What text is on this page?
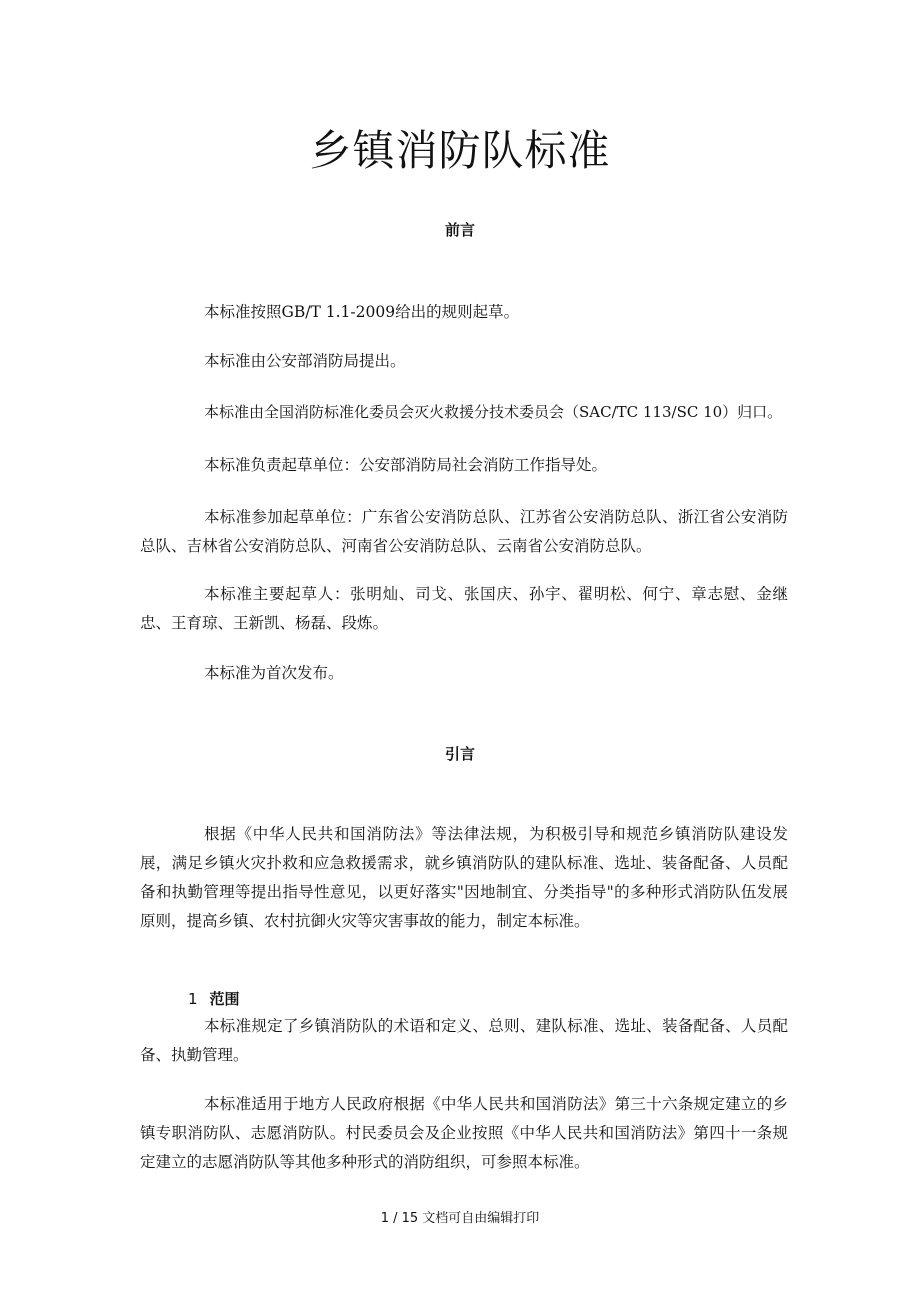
乡镇消防队标准
前言
本标准按照GB/T 1.1-2009给出的规则起草。
本标准由公安部消防局提出。
本标准由全国消防标准化委员会灭火救援分技术委员会（SAC/TC 113/SC 10）归口。
本标准负责起草单位：公安部消防局社会消防工作指导处。
本标准参加起草单位：广东省公安消防总队、江苏省公安消防总队、浙江省公安消防总队、吉林省公安消防总队、河南省公安消防总队、云南省公安消防总队。
本标准主要起草人：张明灿、司戈、张国庆、孙宇、翟明松、何宁、章志慰、金继忠、王育琼、王新凯、杨磊、段炼。
本标准为首次发布。
引言
根据《中华人民共和国消防法》等法律法规，为积极引导和规范乡镇消防队建设发展，满足乡镇火灾扑救和应急救援需求，就乡镇消防队的建队标准、选址、装备配备、人员配备和执勤管理等提出指导性意见，以更好落实"因地制宜、分类指导"的多种形式消防队伍发展原则，提高乡镇、农村抗御火灾等灾害事故的能力，制定本标准。
1 范围
本标准规定了乡镇消防队的术语和定义、总则、建队标准、选址、装备配备、人员配备、执勤管理。
本标准适用于地方人民政府根据《中华人民共和国消防法》第三十六条规定建立的乡镇专职消防队、志愿消防队。村民委员会及企业按照《中华人民共和国消防法》第四十一条规定建立的志愿消防队等其他多种形式的消防组织，可参照本标准。
1 / 15 文档可自由编辑打印
